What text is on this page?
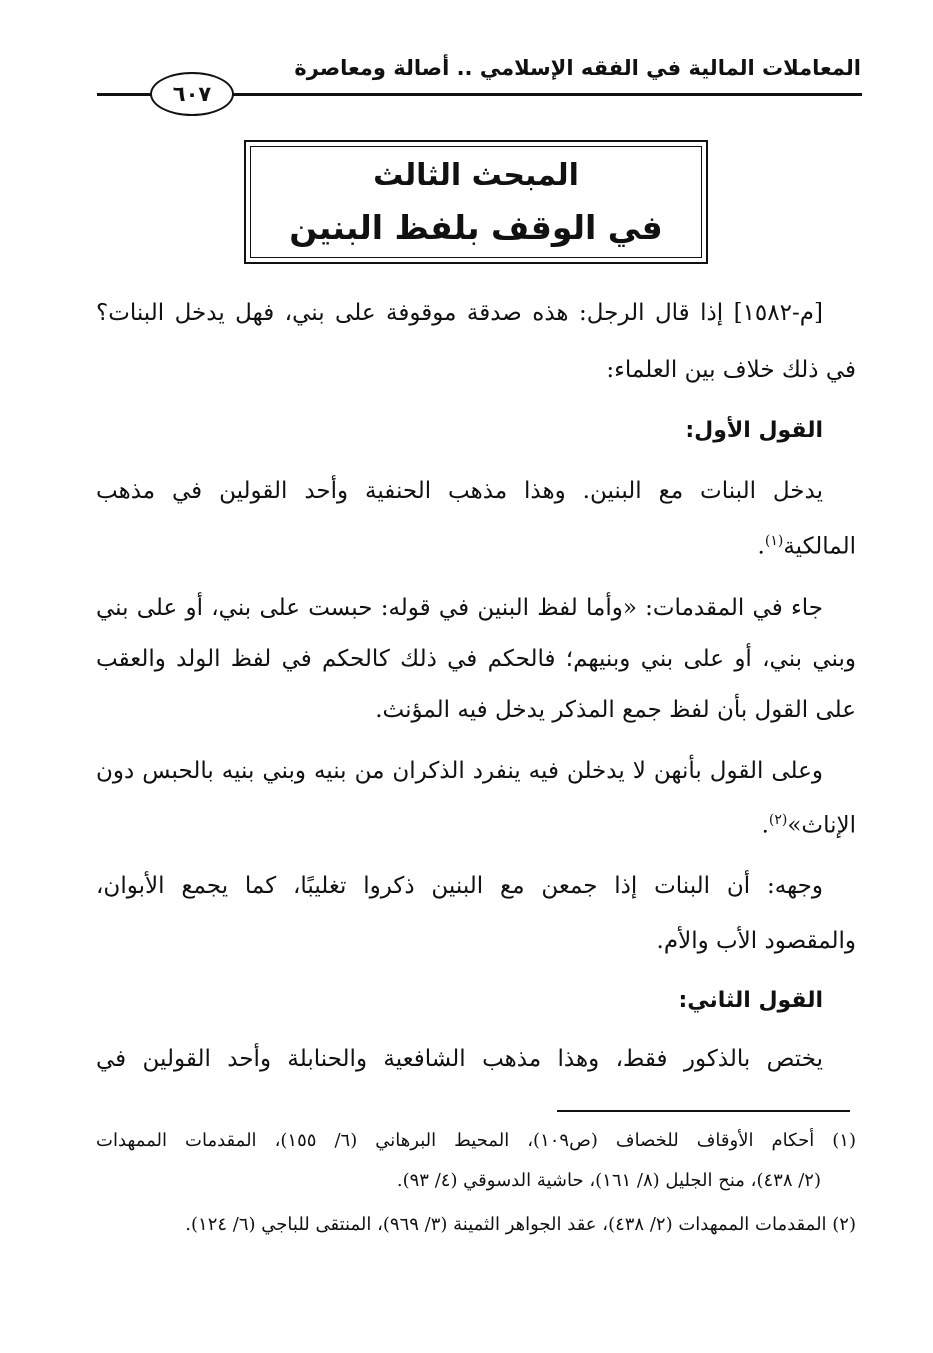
المعاملات المالية في الفقه الإسلامي .. أصالة ومعاصرة
٦٠٧
المبحث الثالث
في الوقف بلفظ البنين
[م-١٥٨٢] إذا قال الرجل: هذه صدقة موقوفة على بني، فهل يدخل البنات؟
في ذلك خلاف بين العلماء:
القول الأول:
يدخل البنات مع البنين. وهذا مذهب الحنفية وأحد القولين في مذهب
المالكية$^{(١)}$.
جاء في المقدمات: «وأما لفظ البنين في قوله: حبست على بني، أو على بني
وبني بني، أو على بني وبنيهم؛ فالحكم في ذلك كالحكم في لفظ الولد والعقب
على القول بأن لفظ جمع المذكر يدخل فيه المؤنث.
وعلى القول بأنهن لا يدخلن فيه ينفرد الذكران من بنيه وبني بنيه بالحبس دون
الإناث»$^{(٢)}$.
وجهه: أن البنات إذا جمعن مع البنين ذكروا تغليبًا، كما يجمع الأبوان،
والمقصود الأب والأم.
القول الثاني:
يختص بالذكور فقط، وهذا مذهب الشافعية والحنابلة وأحد القولين في
(١) أحكام الأوقاف للخصاف (ص١٠٩)، المحيط البرهاني (٦/ ١٥٥)، المقدمات الممهدات
(٢/ ٤٣٨)، منح الجليل (٨/ ١٦١)، حاشية الدسوقي (٤/ ٩٣).
(٢) المقدمات الممهدات (٢/ ٤٣٨)، عقد الجواهر الثمينة (٣/ ٩٦٩)، المنتقى للباجي (٦/ ١٢٤).
